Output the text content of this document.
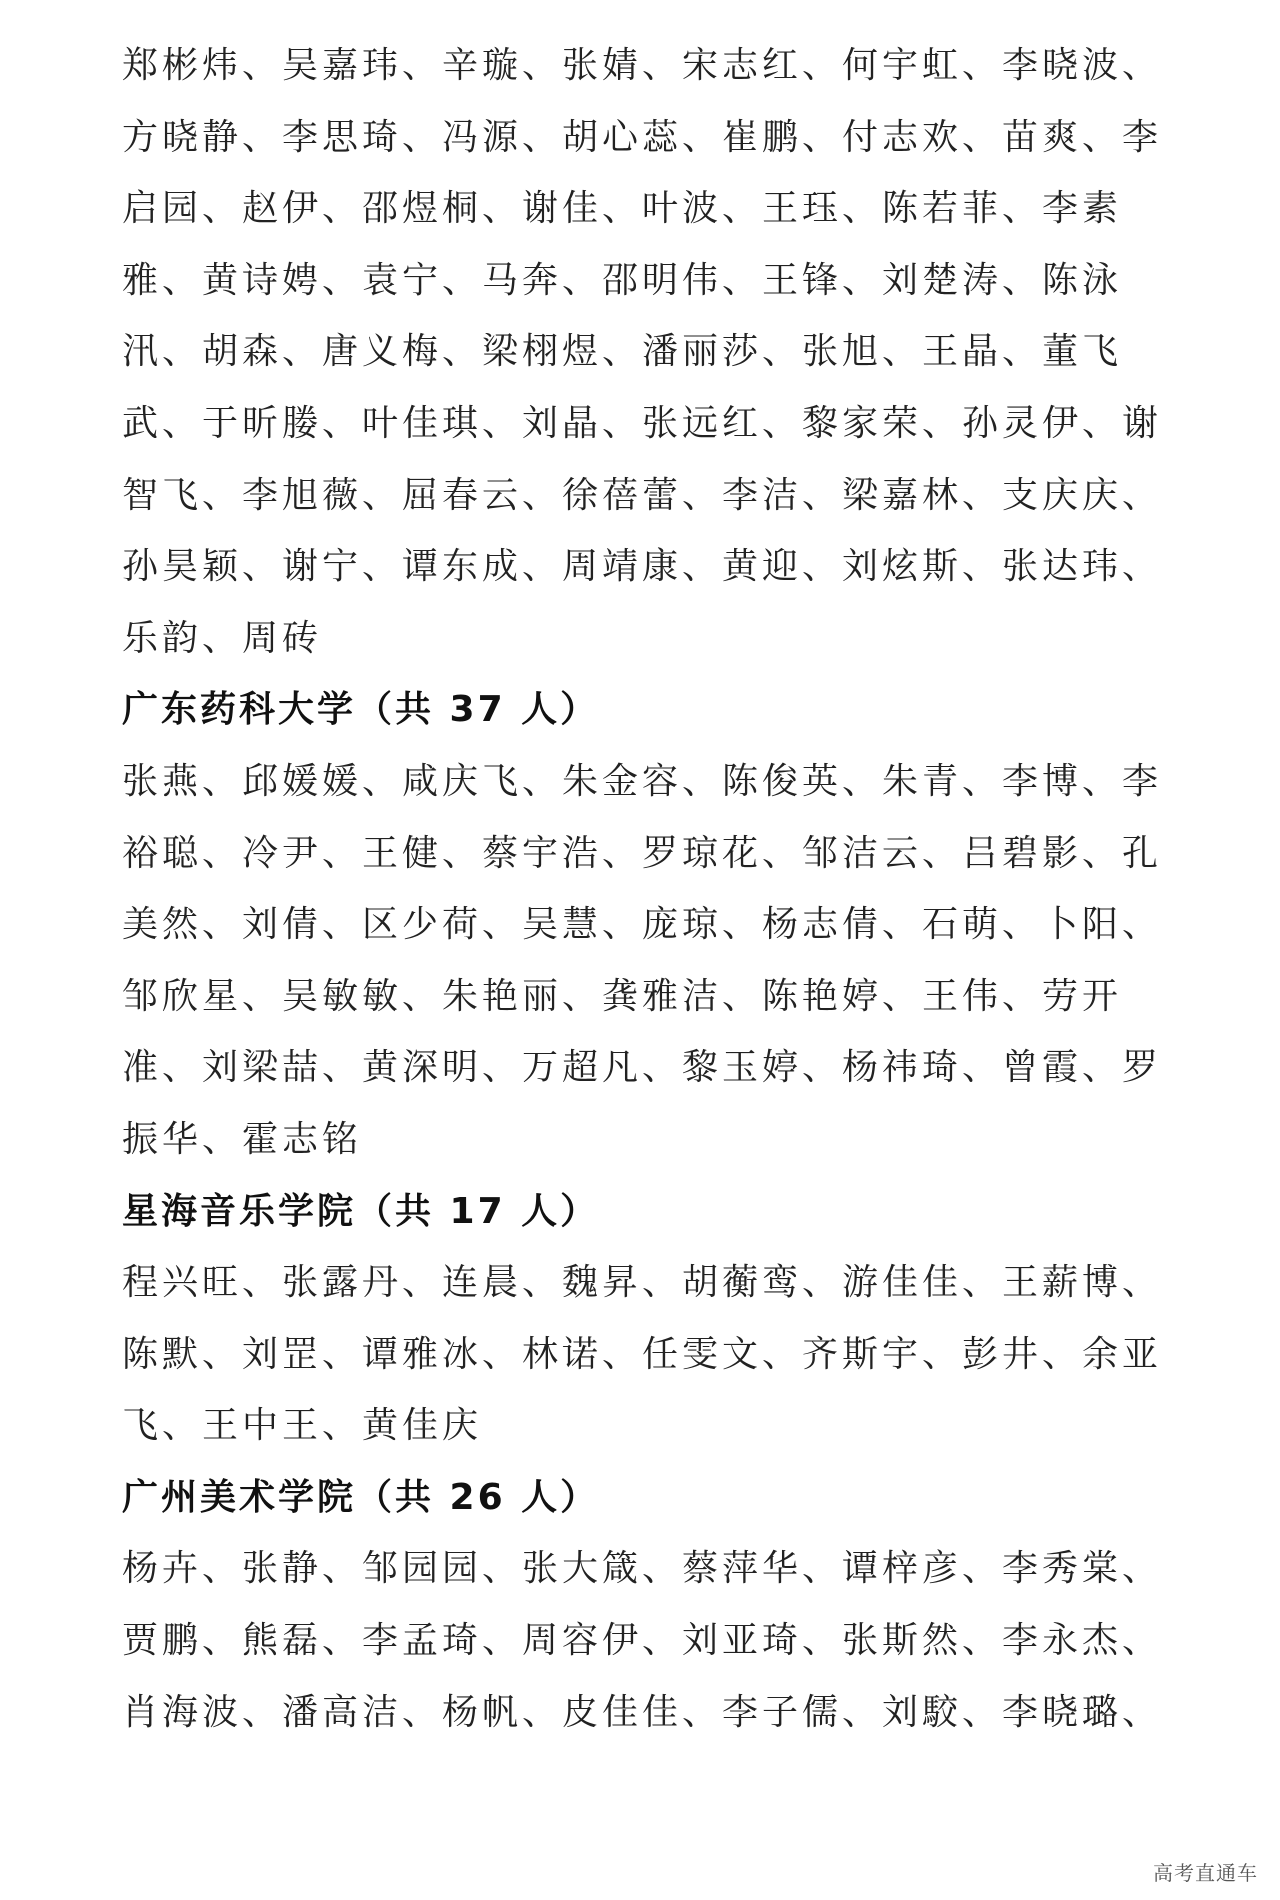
郑彬炜、吴嘉玮、辛璇、张婧、宋志红、何宇虹、李晓波、方晓静、李思琦、冯源、胡心蕊、崔鹏、付志欢、苗爽、李启园、赵伊、邵煜桐、谢佳、叶波、王珏、陈若菲、李素雅、黄诗娉、袁宁、马奔、邵明伟、王锋、刘楚涛、陈泳汛、胡森、唐义梅、梁栩煜、潘丽莎、张旭、王晶、董飞武、于昕媵、叶佳琪、刘晶、张远红、黎家荣、孙灵伊、谢智飞、李旭薇、屈春云、徐蓓蕾、李洁、梁嘉林、支庆庆、孙昊颖、谢宁、谭东成、周靖康、黄迎、刘炫斯、张达玮、乐韵、周砖

广东药科大学（共 37 人）

张燕、邱媛媛、咸庆飞、朱金容、陈俊英、朱青、李博、李裕聪、冷尹、王健、蔡宇浩、罗琼花、邹洁云、吕碧影、孔美然、刘倩、区少荷、吴慧、庞琼、杨志倩、石萌、卜阳、邹欣星、吴敏敏、朱艳丽、龚雅洁、陈艳婷、王伟、劳开准、刘梁喆、黄深明、万超凡、黎玉婷、杨祎琦、曾霞、罗振华、霍志铭

星海音乐学院（共 17 人）

程兴旺、张露丹、连晨、魏昇、胡蘅鸾、游佳佳、王薪博、陈默、刘罡、谭雅冰、林诺、任雯文、齐斯宇、彭井、余亚飞、王中王、黄佳庆

广州美术学院（共 26 人）

杨卉、张静、邹园园、张大箴、蔡萍华、谭梓彦、李秀棠、贾鹏、熊磊、李孟琦、周容伊、刘亚琦、张斯然、李永杰、肖海波、潘高洁、杨帆、皮佳佳、李子儒、刘駮、李晓璐、

高考直通车
